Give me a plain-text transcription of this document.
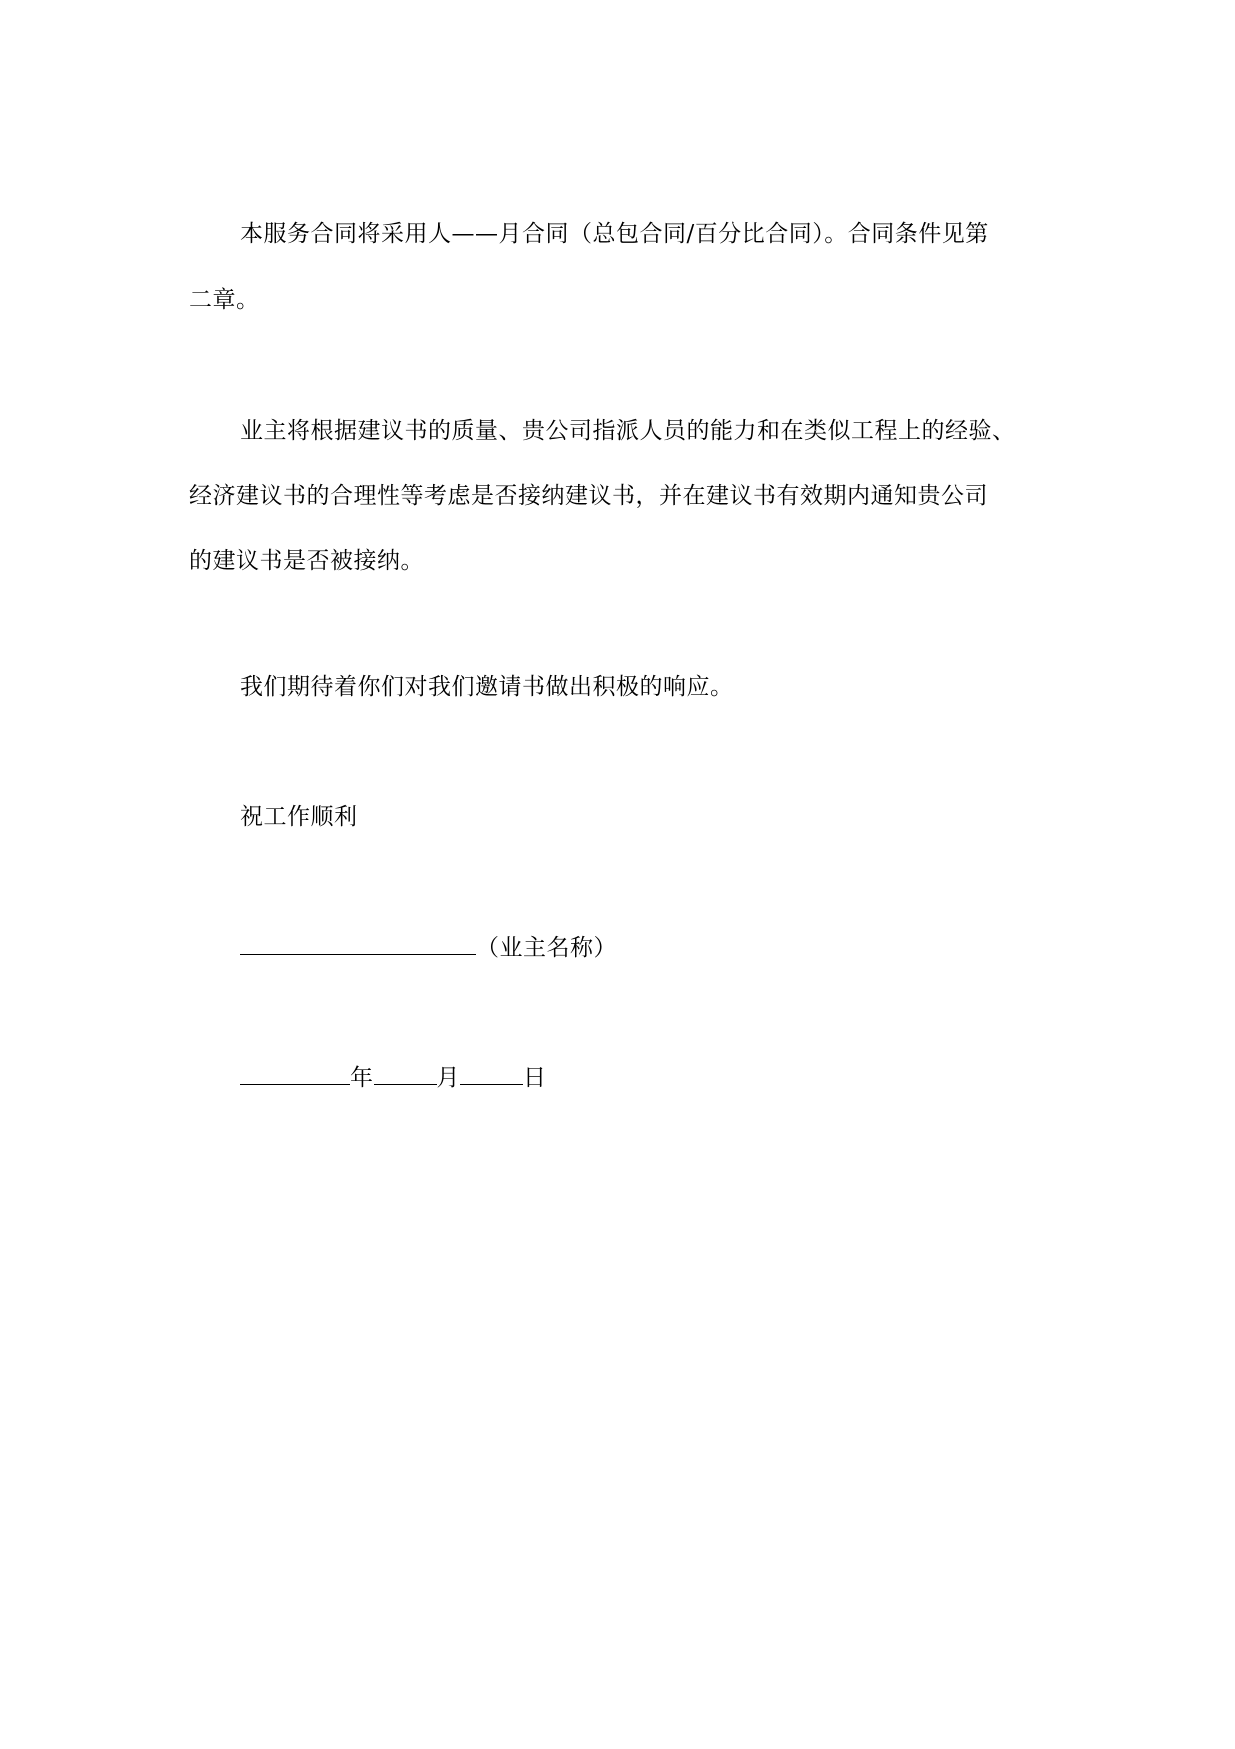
本服务合同将采用人——月合同（总包合同/百分比合同）。合同条件见第
二章。
业主将根据建议书的质量、贵公司指派人员的能力和在类似工程上的经验、
经济建议书的合理性等考虑是否接纳建议书，并在建议书有效期内通知贵公司
的建议书是否被接纳。
我们期待着你们对我们邀请书做出积极的响应。
祝工作顺利
（业主名称）
年	月	日
